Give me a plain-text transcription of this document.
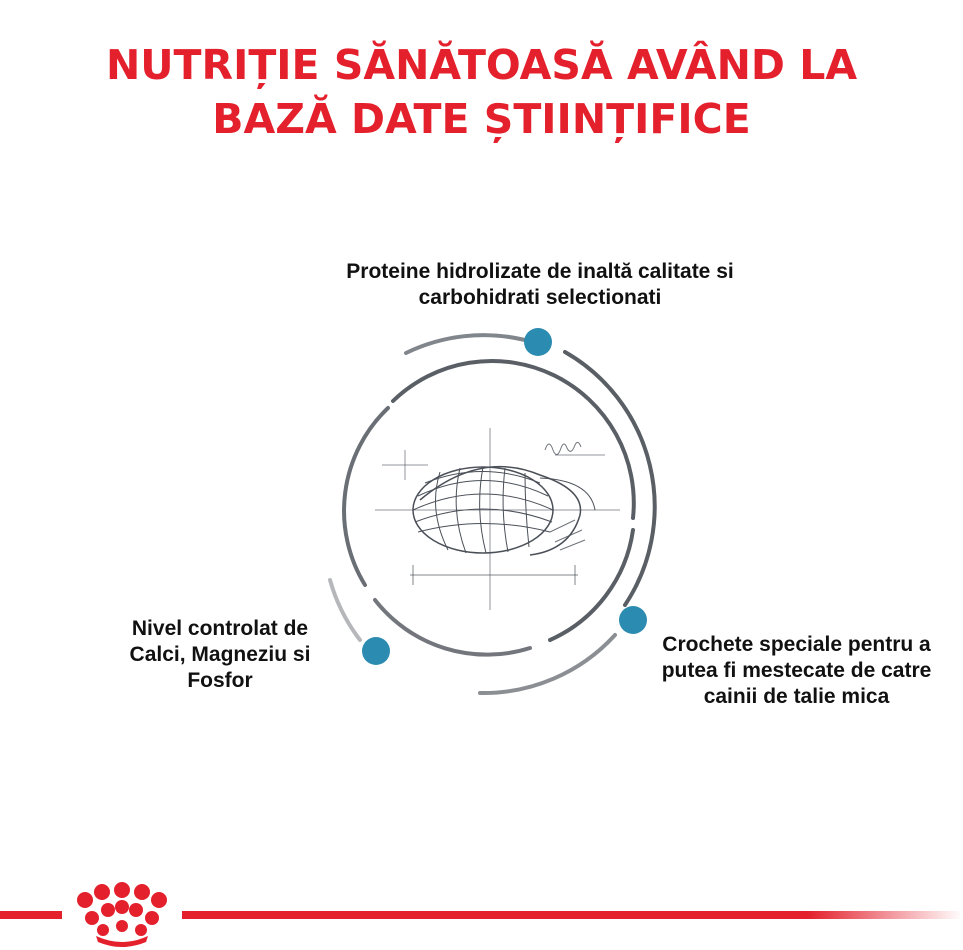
NUTRIȚIE SĂNĂTOASĂ AVÂND LA
BAZĂ DATE ȘTIINȚIFICE

Proteine hidrolizate de inaltă calitate si
carbohidrati selectionati

Nivel controlat de
Calci, Magneziu si
Fosfor

Crochete speciale pentru a
putea fi mestecate de catre
cainii de talie mica
